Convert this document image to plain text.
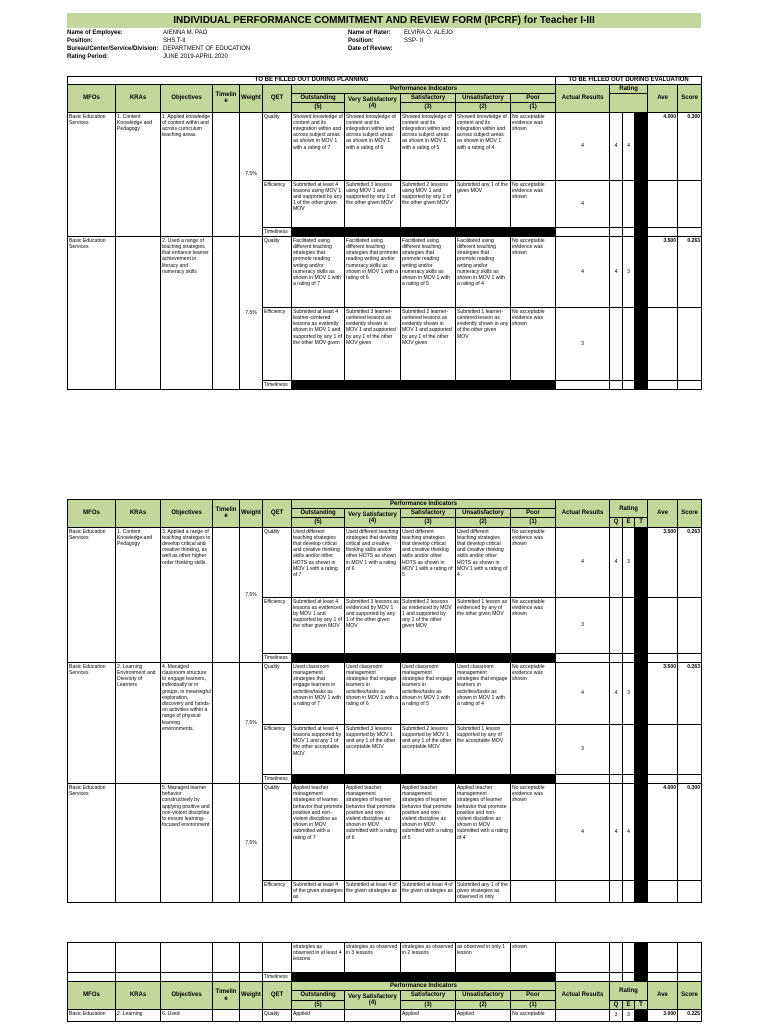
INDIVIDUAL PERFORMANCE COMMITMENT AND REVIEW FORM (IPCRF) for Teacher I-III
Name of Employee:	AIENNA M. PAO	Name of Rater:	ELVIRA O. ALEJO
Position:	SHS T-II	Position:	SSP- II
Bureau/Center/Service/Division: DEPARTMENT OF EDUCATION	Date of Review:
Rating Period:	JUNE 2019-APRIL 2020
TO BE FILLED OUT DURING PLANNING											TO BE FILLED OUT DURING EVALUATION					
MFOs	KRAs	Objectives	Timeline	Weight	QET	Performance Indicators					Actual Results	Rating			Ave	Score
						Outstanding	Very Satisfactory (4)	Satisfactory	Unsatisfactory	Poor						
						(5)		(3)	(2)	(1)						
Basic Education Services	1. Content Knowledge and Pedagogy	1. Applied knowledge of content within and across curriculum teaching areas.		7.5%	Quality	Showed knowledge of content and its integration within and across subject areas as shown in MOV 1 with a rating of 7	Showed knowledge of content and its integration within and across subject areas as shown in MOV 1 with a rating of 6	Showed knowledge of content and its integration within and across subject areas as shown in MOV 1 with a rating of 5	Showed knowledge of content and its integration within and across subject areas as shown in MOV 1 with a rating of 4	No acceptable evidence was shown	4	4	4		4.000	0.300
					Efficiency	Submitted at least 4 lessons using MOV 1 and supported by any 1 of the other given MOV	Submitted 3 lessons using MOV 1 and supported by any 1 of the other given MOV	Submitted 2 lessons using MOV 1 and supported by any 1 of the other given MOV	Submitted any 1 of the given MOV	No acceptable evidence was shown	4					
					Timeliness											
Basic Education Services		2. Used a range of teaching strategies that enhance learner achievement in literacy and numeracy skills		7.5%	Quality	Facilitated using different teaching strategies that promote reading writing and/or numeracy skills as shown in MOV 1 with a rating of 7	Facilitated using different teaching strategies that promote reading writing and/or numeracy skills as shown in MOV 1 with a rating of 6	Facilitated using different teaching strategies that promote reading writing and/or numeracy skills as shown in MOV 1 with a rating of 5	Facilitated using different teaching strategies that promote reading writing and/or numeracy skills as shown in MOV 1 with a rating of 4	No acceptable evidence was shown	4	4	3		3.500	0.263
					Efficiency	Submitted at least 4 learner-centered lessons as evidently shown in MOV 1 and supported by any 1 of the other MOV given	Submitted 3 learner-centered lessons as evidently shown in MOV 1 and supported by any 1 of the other MOV given	Submitted 2 learner-centered lessons as evidently shown in MOV 1 and supported by any 1 of the other MOV given	Submitted 1 learner-centered lesson as evidently shown in any of the other given MOV	No acceptable evidence was shown	3					
					Timeliness											
MFOs	KRAs	Objectives	Timeline	Weight	QET	Performance Indicators					Actual Results	Rating			Ave	Score
						Outstanding	Very Satisfactory (4)	Satisfactory	Unsatisfactory	Poor						
						(5)		(3)	(2)	(1)		Q	E	T		
Basic Education Services	1. Content Knowledge and Pedagogy	3. Applied a range of teaching strategies to develop critical and creative thinking, as well as other higher order thinking skills.		7.5%	Quality	Used different teaching strategies that develop critical and creative thinking skills and/or other HOTS as shown in MOV 1 with a rating of 7	Used different teaching strategies that develop critical and creative thinking skills and/or other HOTS as shown in MOV 1 with a rating of 6	Used different teaching strategies that develop critical and creative thinking skills and/or other HOTS as shown in MOV 1 with a rating of 5	Used different teaching strategies that develop critical and creative thinking skills and/or other HOTS as shown in MOV 1 with a rating of 4	No acceptable evidence was shown	4	4	3		3.500	0.263
					Efficiency	Submitted at least 4 lessons as evidenced by MOV 1 and supported by any 1 of the other given MOV	Submitted 3 lessons as evidenced by MOV 1 and supported by any 1 of the other given MOV	Submitted 2 lessons as evidenced by MOV 1 and supported by any 1 of the other given MOV	Submitted 1 lesson as evidenced by any of the other given MOV	No acceptable evidence was shown	3					
					Timeliness											
Basic Education Services	2. Learning Environment and Diversity of Learners	4. Managed classroom structure to engage learners, individually or in groups, in meaningful exploration, discovery and hands-on activities within a range of physical learning environments.		7.5%	Quality	Used classroom management strategies that engage learners in activities/tasks as shown in MOV 1 with a rating of 7	Used classroom management strategies that engage learners in activities/tasks as shown in MOV 1 with a rating of 6	Used classroom management strategies that engage learners in activities/tasks as shown in MOV 1 with a rating of 5	Used classroom management strategies that engage learners in activities/tasks as shown in MOV 1 with a rating of 4	No acceptable evidence was shown	4	4	3		3.500	0.263
					Efficiency	Submitted at least 4 lessons supported by MOV 1 and any 1 of the other acceptable MOV	Submitted 3 lessons supported by MOV 1 and any 1 of the other acceptable MOV	Submitted 2 lessons supported by MOV 1 and any 1 of the other acceptable MOV	Submitted 1 lesson supported by any of the acceptable MOV		3					
					Timeliness											
Basic Education Services		5. Managed learner behavior constructively by applying positive and non-violent discipline to ensure learning-focused environment		7.5%	Quality	Applied teacher management strategies of learner behavior that promote positive and non-violent discipline as shown in MOV submitted with a rating of 7	Applied teacher management strategies of learner behavior that promote positive and non-violent discipline as shown in MOV submitted with a rating of 6	Applied teacher management strategies of learner behavior that promote positive and non-violent discipline as shown in MOV submitted with a rating of 5	Applied teacher management strategies of learner behavior that promote positive and non-violent discipline as shown in MOV submitted with a rating of 4	No acceptable evidence was shown	4	4	4		4.000	0.300
					Efficiency	Submitted at least 4 of the given strategies as	Submitted at least 4 of the given strategies as	Submitted at least 4 of the given strategies as	Submitted any 1 of the given strategies as observed in only							
						strategies as observed in at least 4 lessons	strategies as observed in 3 lessons	strategies as observed in 2 lessons	as observed in only 1 lesson	shown						
					Timeliness											
MFOs	KRAs	Objectives	Timeline	Weight	QET	Performance Indicators					Actual Results	Rating			Ave	Score
						Outstanding	Very Satisfactory (4)	Satisfactory	Unsatisfactory	Poor						
						(5)		(3)	(2)	(1)		Q	E	T		
Basic Education	2. Learning	6. Used			Quality	Applied		Applied	Applied	No acceptable		3	3		3.000	0.225
